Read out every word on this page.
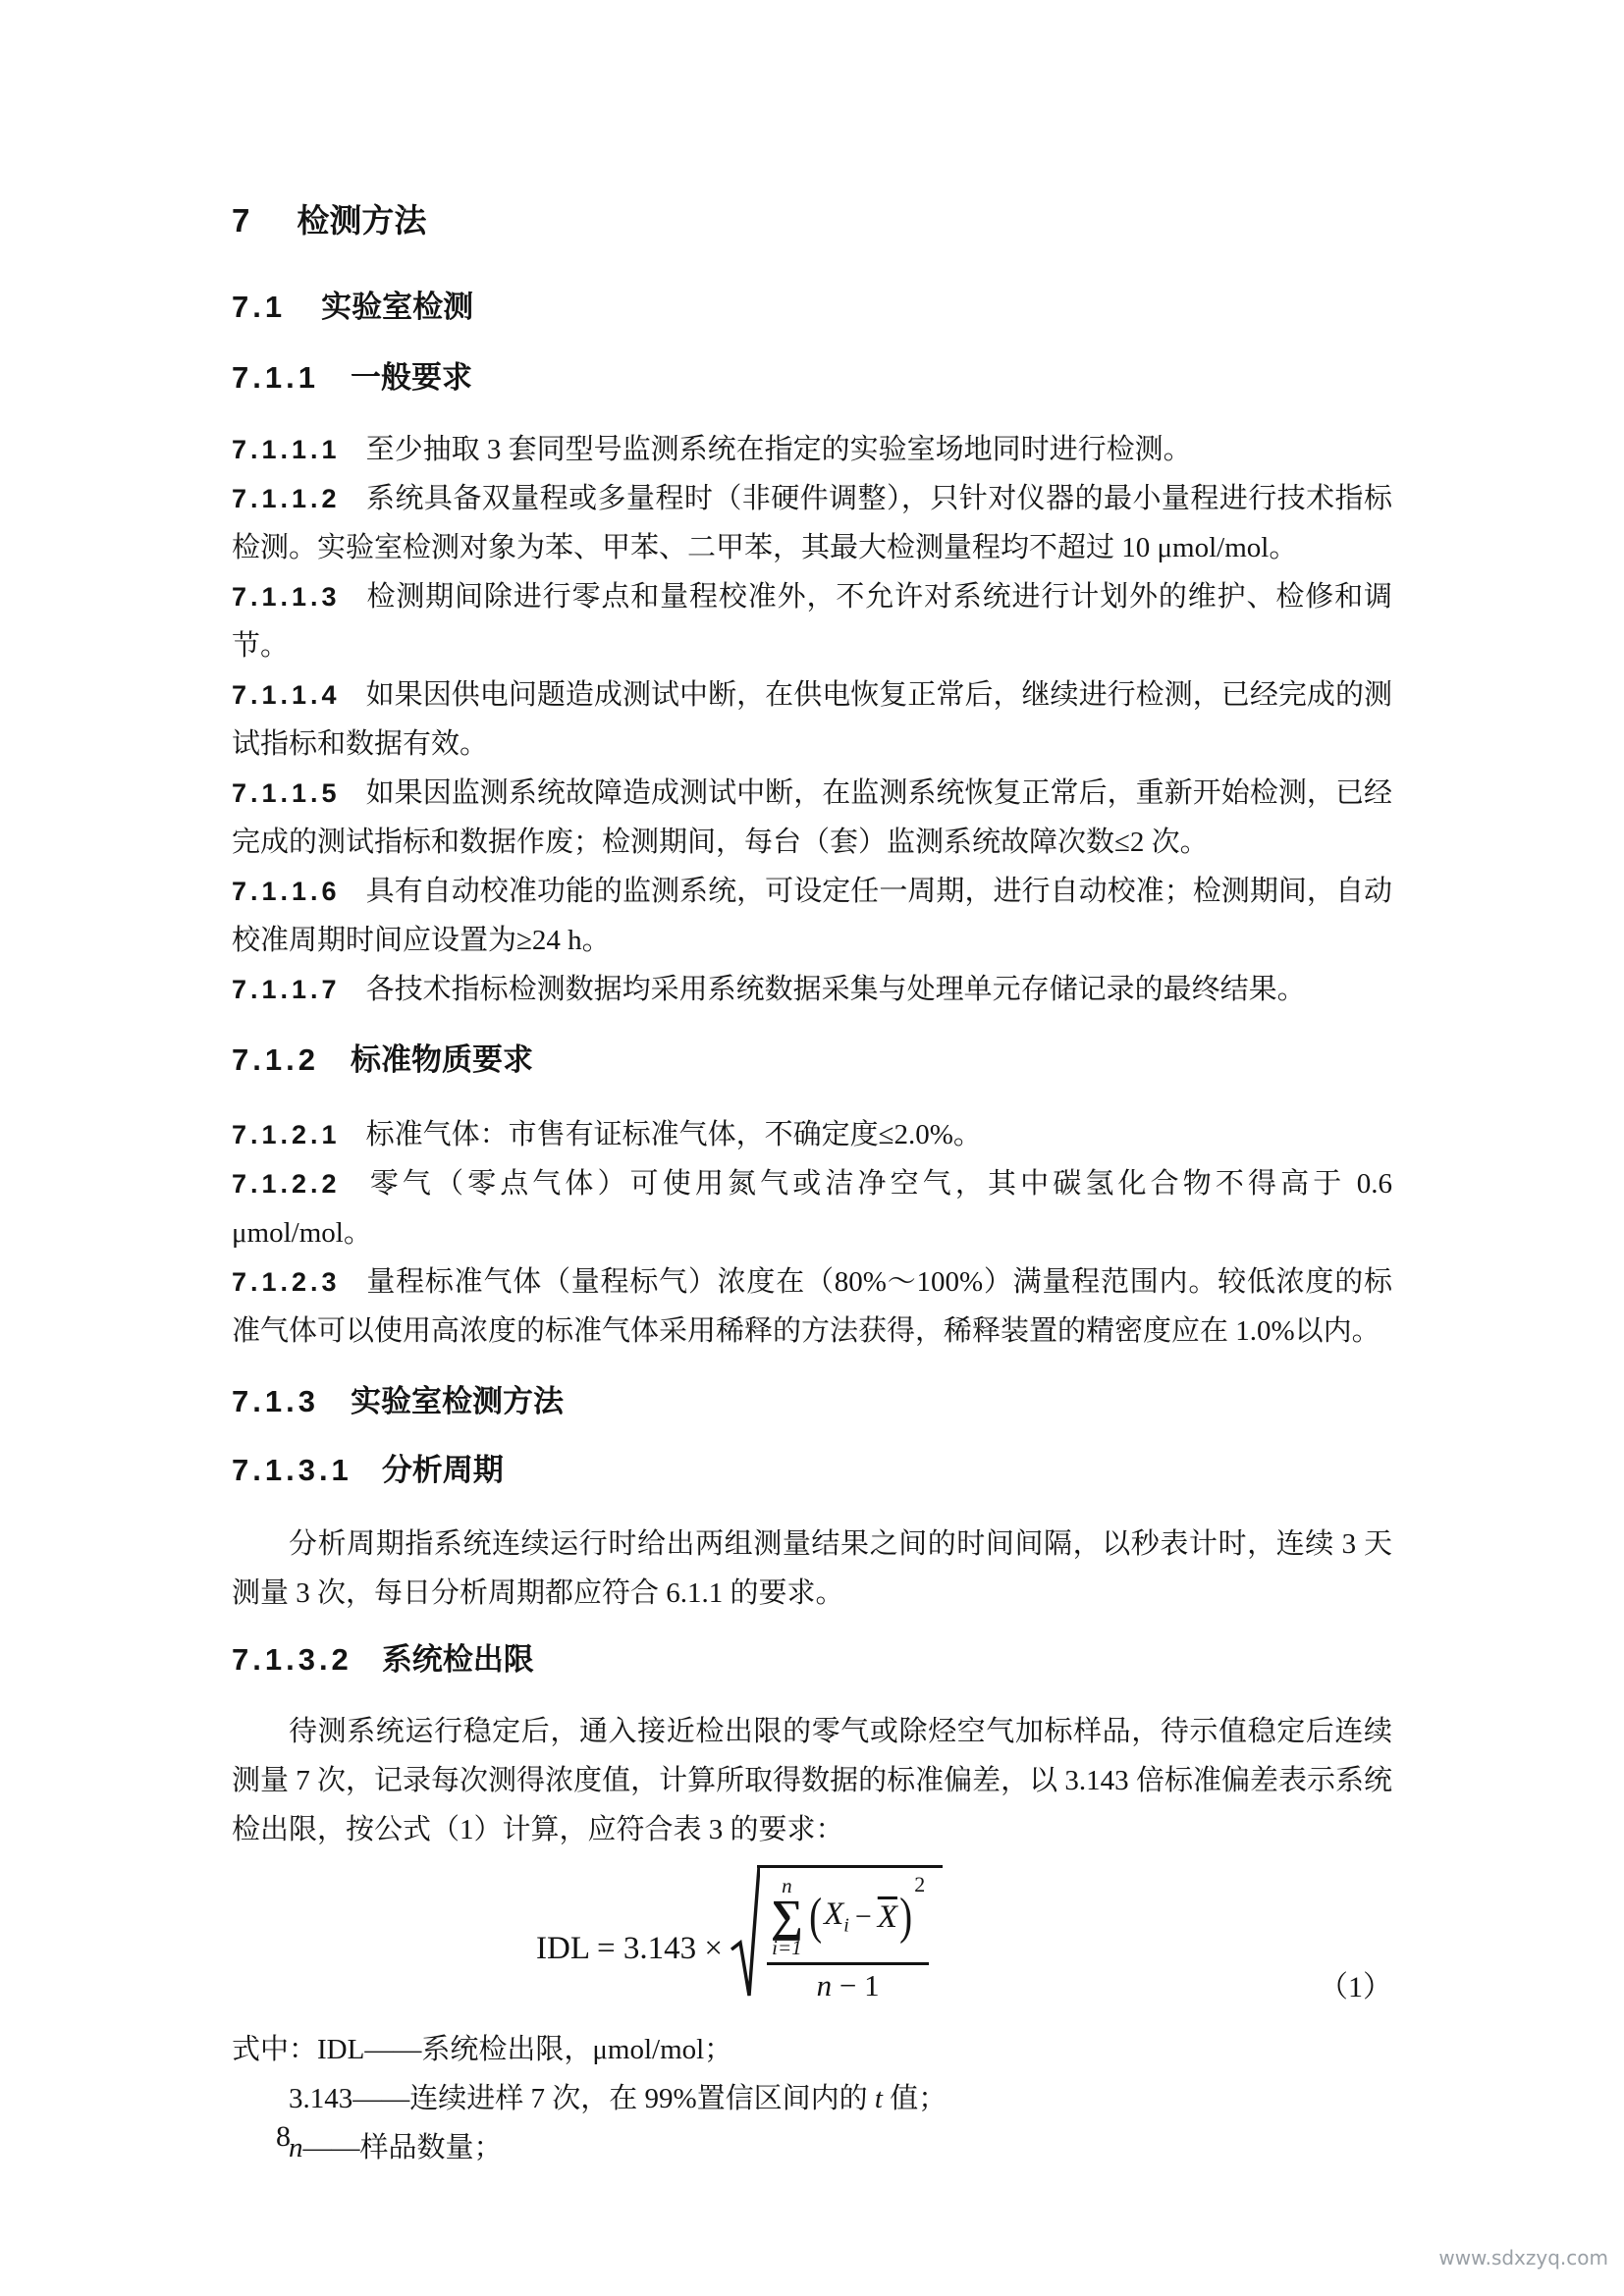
7 检测方法
7.1 实验室检测
7.1.1 一般要求

7.1.1.1 至少抽取 3 套同型号监测系统在指定的实验室场地同时进行检测。

7.1.1.2 系统具备双量程或多量程时（非硬件调整），只针对仪器的最小量程进行技术指标检测。实验室检测对象为苯、甲苯、二甲苯，其最大检测量程均不超过 10 μmol/mol。

7.1.1.3 检测期间除进行零点和量程校准外，不允许对系统进行计划外的维护、检修和调节。

7.1.1.4 如果因供电问题造成测试中断，在供电恢复正常后，继续进行检测，已经完成的测试指标和数据有效。

7.1.1.5 如果因监测系统故障造成测试中断，在监测系统恢复正常后，重新开始检测，已经完成的测试指标和数据作废；检测期间，每台（套）监测系统故障次数≤2 次。

7.1.1.6 具有自动校准功能的监测系统，可设定任一周期，进行自动校准；检测期间，自动校准周期时间应设置为≥24 h。

7.1.1.7 各技术指标检测数据均采用系统数据采集与处理单元存储记录的最终结果。

7.1.2 标准物质要求

7.1.2.1 标准气体：市售有证标准气体，不确定度≤2.0%。

7.1.2.2 零气（零点气体）可使用氮气或洁净空气，其中碳氢化合物不得高于 0.6 μmol/mol。

7.1.2.3 量程标准气体（量程标气）浓度在（80%～100%）满量程范围内。较低浓度的标准气体可以使用高浓度的标准气体采用稀释的方法获得，稀释装置的精密度应在 1.0%以内。

7.1.3 实验室检测方法
7.1.3.1 分析周期

分析周期指系统连续运行时给出两组测量结果之间的时间间隔，以秒表计时，连续 3 天测量 3 次，每日分析周期都应符合 6.1.1 的要求。

7.1.3.2 系统检出限

待测系统运行稳定后，通入接近检出限的零气或除烃空气加标样品，待示值稳定后连续测量 7 次，记录每次测得浓度值，计算所取得数据的标准偏差，以 3.143 倍标准偏差表示系统检出限，按公式（1）计算，应符合表 3 的要求：

IDL = 3.143 ×
n
∑
i=1
( $X_i - \overline{X}$ )
2
n − 1	（1）

式中：IDL——系统检出限，μmol/mol；

3.143——连续进样 7 次，在 99%置信区间内的 t 值；

n——样品数量；

8
www.sdxzyq.com
